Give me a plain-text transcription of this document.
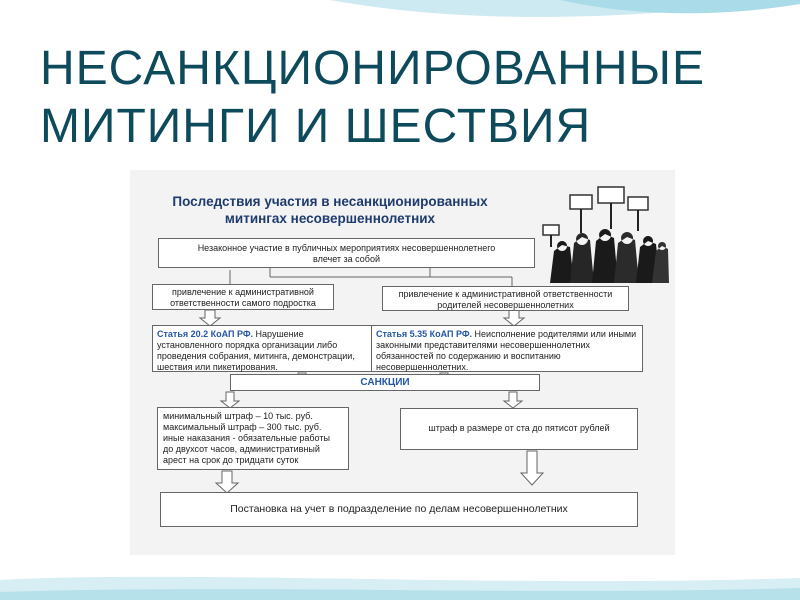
НЕСАНКЦИОНИРОВАННЫЕ
МИТИНГИ И ШЕСТВИЯ
Последствия участия в несанкционированных
митингах несовершеннолетних
Незаконное участие в публичных мероприятиях несовершеннолетнего
влечет за собой
привлечение к административной
ответственности самого подростка
привлечение к административной ответственности
родителей несовершеннолетних
Статья 20.2 КоАП РФ. Нарушение
установленного порядка организации либо
проведения собрания, митинга, демонстрации,
шествия или пикетирования.
Статья 5.35 КоАП РФ. Неисполнение родителями или иными
законными представителями несовершеннолетних
обязанностей по содержанию и воспитанию
несовершеннолетних.
САНКЦИИ
минимальный штраф – 10 тыс. руб.
максимальный штраф – 300 тыс. руб.
иные наказания - обязательные работы
до двухсот часов, административный
арест на срок до тридцати суток
штраф в размере от ста до пятисот рублей
Постановка на учет в подразделение по делам несовершеннолетних
